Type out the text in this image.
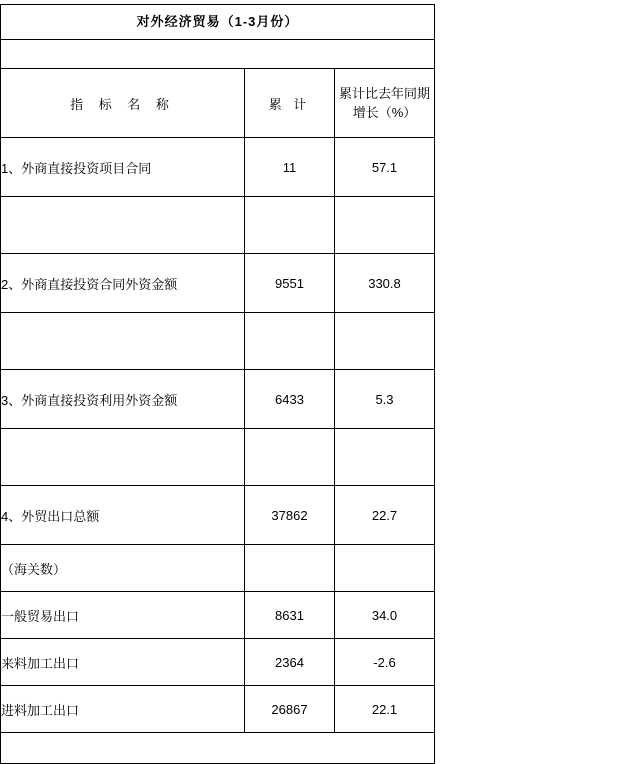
对外经济贸易（1-3月份）		

指 标 名 称	累 计	累计比去年同期增长（%）
1、外商直接投资项目合同	11	57.1

2、外商直接投资合同外资金额	9551	330.8

3、外商直接投资利用外资金额	6433	5.3

4、外贸出口总额	37862	22.7
（海关数）		
一般贸易出口	8631	34.0
来料加工出口	2364	-2.6
进料加工出口	26867	22.1
